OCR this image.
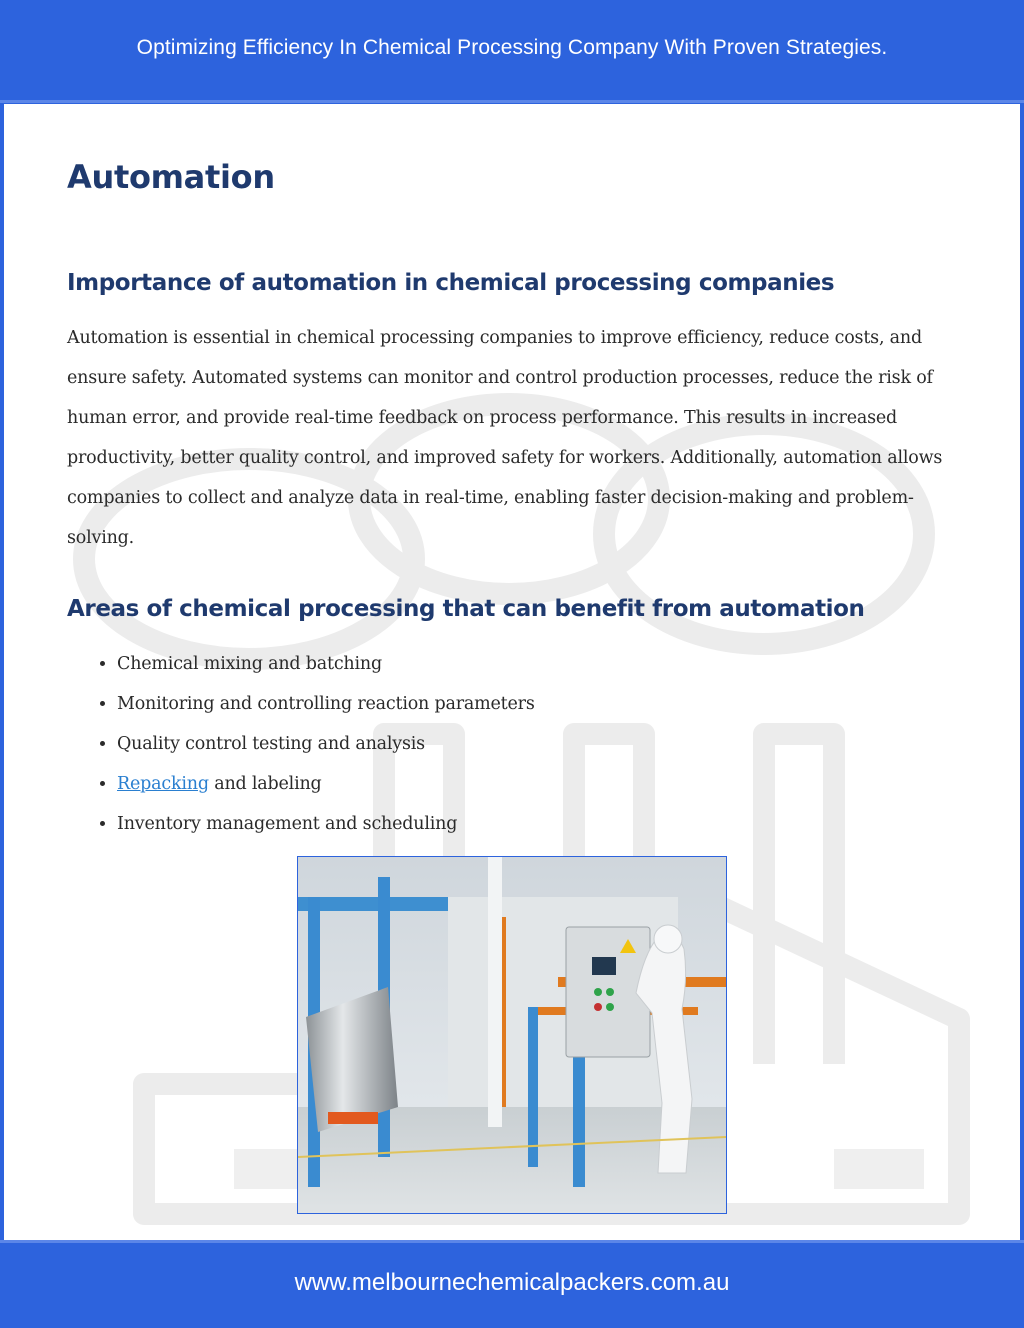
Optimizing Efficiency In Chemical Processing Company With Proven Strategies.
Automation
Importance of automation in chemical processing companies

Automation is essential in chemical processing companies to improve efficiency, reduce costs, and ensure safety. Automated systems can monitor and control production processes, reduce the risk of human error, and provide real-time feedback on process performance. This results in increased productivity, better quality control, and improved safety for workers. Additionally, automation allows companies to collect and analyze data in real-time, enabling faster decision-making and problem-solving.

Areas of chemical processing that can benefit from automation
• Chemical mixing and batching
• Monitoring and controlling reaction parameters
• Quality control testing and analysis
• Repacking and labeling
• Inventory management and scheduling
www.melbournechemicalpackers.com.au
